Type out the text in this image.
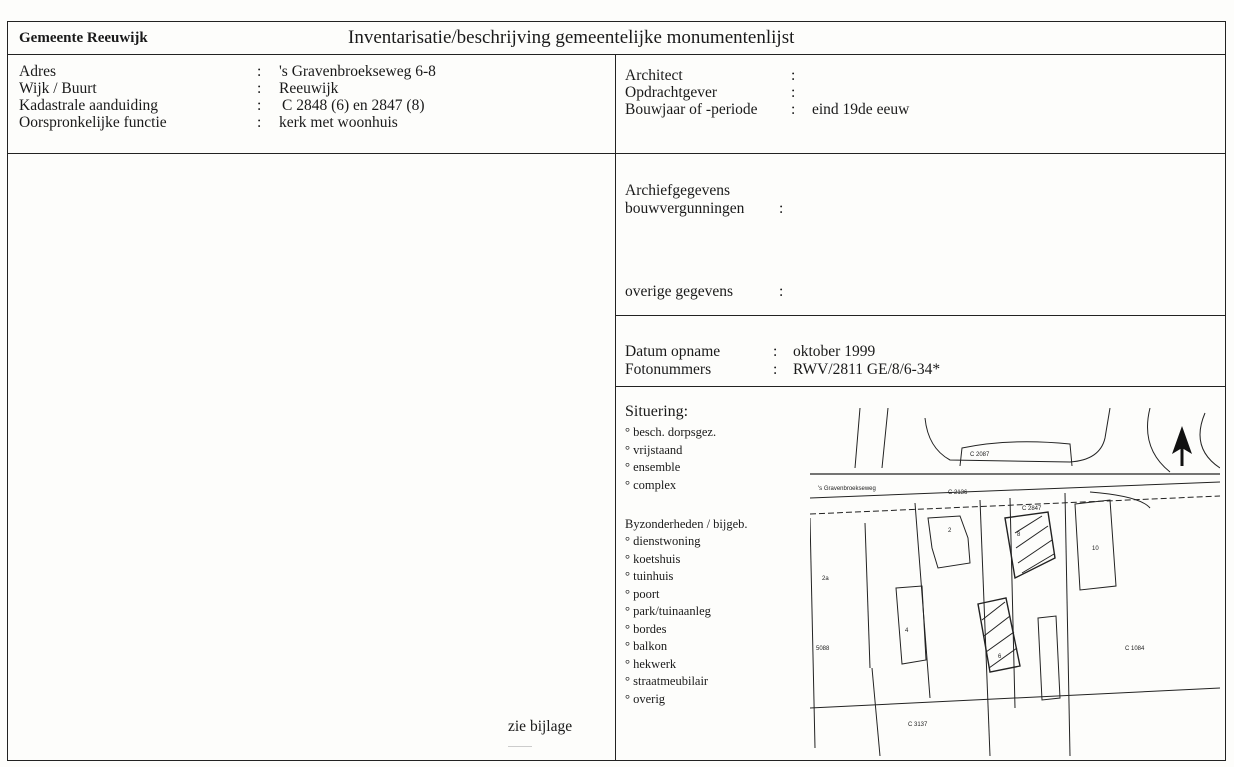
Gemeente Reeuwijk	Inventarisatie/beschrijving gemeentelijke monumentenlijst
Adres	: 's Gravenbroekseweg 6-8
Wijk / Buurt	: Reeuwijk
Kadastrale aanduiding	: C 2848 (6) en 2847 (8)
Oorspronkelijke functie	: kerk met woonhuis
Architect	:
Opdrachtgever	:
Bouwjaar of -periode : eind 19de eeuw
Archiefgegevens
bouwvergunningen :
overige gegevens	:
Datum opname	: oktober 1999
Fotonummers	: RWV/2811 GE/8/6-34*
zie bijlage
Situering:
° besch. dorpsgez.
° vrijstaand
° ensemble
° complex
Byzonderheden / bijgeb.
° dienstwoning
° koetshuis
° tuinhuis
° poort
° park/tuinaanleg
° bordes
° balkon
° hekwerk
° straatmeubilair
° overig
's Gravenbroekseweg
C 2087
C 2136
C 2847
C 3137
C 1084
5088
2
10
2a
6
8
4
